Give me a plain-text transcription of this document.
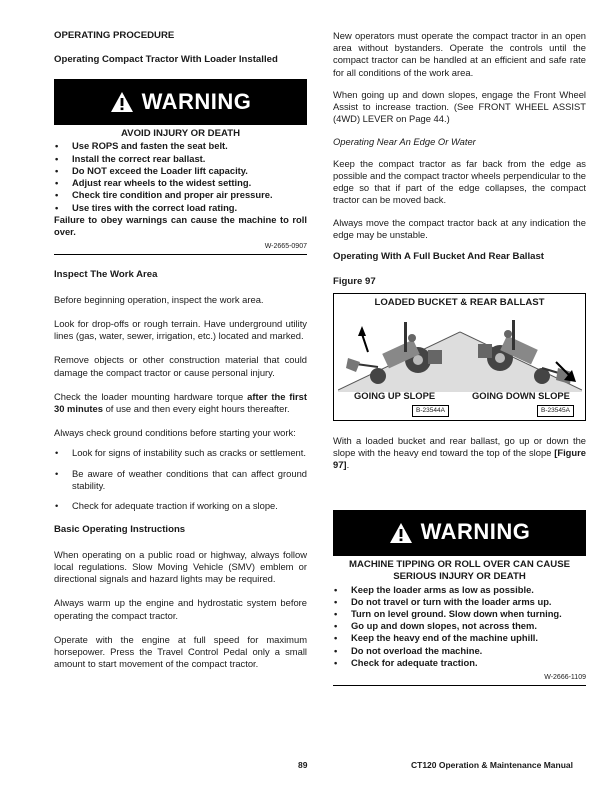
OPERATING PROCEDURE
Operating Compact Tractor With Loader Installed
WARNING
AVOID INJURY OR DEATH
• Use ROPS and fasten the seat belt.
• Install the correct rear ballast.
• Do NOT exceed the Loader lift capacity.
• Adjust rear wheels to the widest setting.
• Check tire condition and proper air pressure.
• Use tires with the correct load rating.
Failure to obey warnings can cause the machine to roll over.
W-2665-0907
Inspect The Work Area
Before beginning operation, inspect the work area.
Look for drop-offs or rough terrain. Have underground utility lines (gas, water, sewer, irrigation, etc.) located and marked.
Remove objects or other construction material that could damage the compact tractor or cause personal injury.
Check the loader mounting hardware torque after the first 30 minutes of use and then every eight hours thereafter.
Always check ground conditions before starting your work:
• Look for signs of instability such as cracks or settlement.
• Be aware of weather conditions that can affect ground stability.
• Check for adequate traction if working on a slope.
Basic Operating Instructions
When operating on a public road or highway, always follow local regulations. Slow Moving Vehicle (SMV) emblem or directional signals and hazard lights may be required.
Always warm up the engine and hydrostatic system before operating the compact tractor.
Operate with the engine at full speed for maximum horsepower. Press the Travel Control Pedal only a small amount to start movement of the compact tractor.
New operators must operate the compact tractor in an open area without bystanders. Operate the controls until the compact tractor can be handled at an efficient and safe rate for all conditions of the work area.
When going up and down slopes, engage the Front Wheel Assist to increase traction. (See FRONT WHEEL ASSIST (4WD) LEVER on Page 44.)
Operating Near An Edge Or Water
Keep the compact tractor as far back from the edge as possible and the compact tractor wheels perpendicular to the edge so that if part of the edge collapses, the compact tractor can be moved back.
Always move the compact tractor back at any indication the edge may be unstable.
Operating With A Full Bucket And Rear Ballast
Figure 97
LOADED BUCKET & REAR BALLAST
GOING UP SLOPE	GOING DOWN SLOPE
B-23544A	B-23545A
With a loaded bucket and rear ballast, go up or down the slope with the heavy end toward the top of the slope [Figure 97].
WARNING
MACHINE TIPPING OR ROLL OVER CAN CAUSE
SERIOUS INJURY OR DEATH
• Keep the loader arms as low as possible.
• Do not travel or turn with the loader arms up.
• Turn on level ground. Slow down when turning.
• Go up and down slopes, not across them.
• Keep the heavy end of the machine uphill.
• Do not overload the machine.
• Check for adequate traction.
W-2666-1109
89	CT120 Operation & Maintenance Manual
